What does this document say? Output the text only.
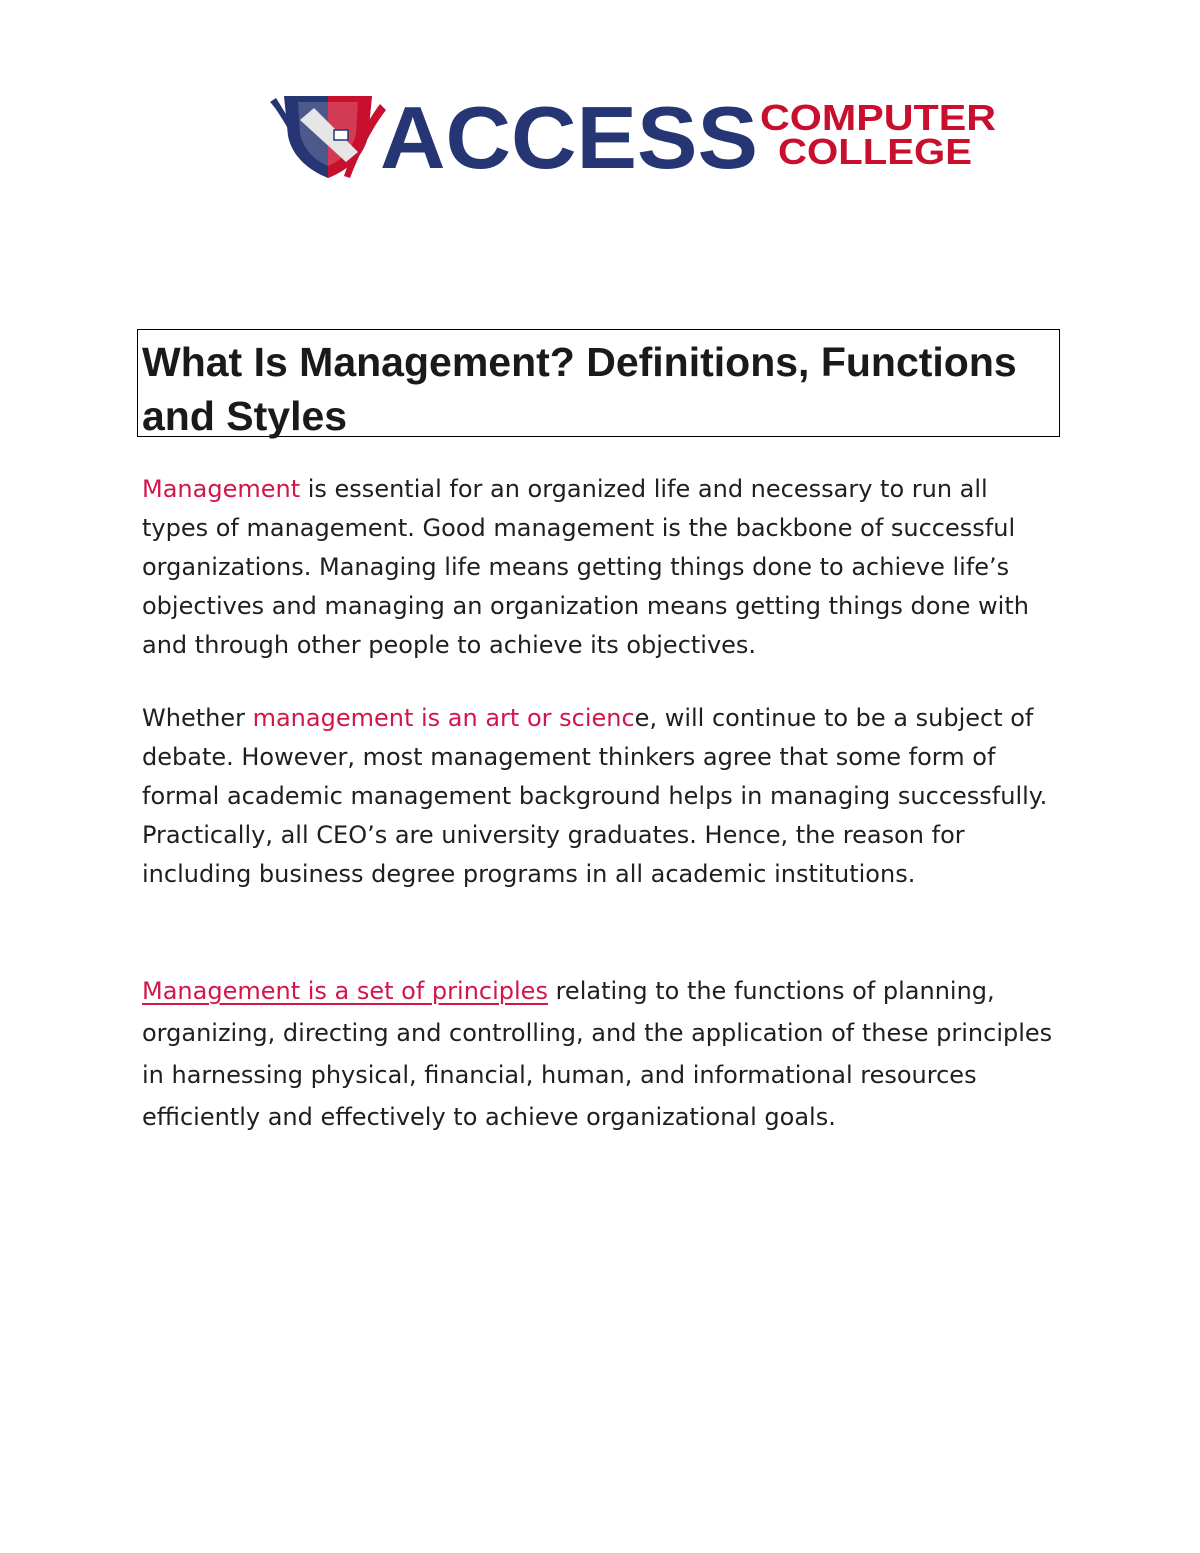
ACCESS COMPUTER
COLLEGE
What Is Management? Definitions, Functions and Styles

Management is essential for an organized life and necessary to run all types of management. Good management is the backbone of successful organizations. Managing life means getting things done to achieve life’s objectives and managing an organization means getting things done with and through other people to achieve its objectives.

Whether management is an art or science, will continue to be a subject of debate. However, most management thinkers agree that some form of formal academic management background helps in managing successfully. Practically, all CEO’s are university graduates. Hence, the reason for including business degree programs in all academic institutions.

Management is a set of principles relating to the functions of planning, organizing, directing and controlling, and the application of these principles in harnessing physical, financial, human, and informational resources efficiently and effectively to achieve organizational goals.
